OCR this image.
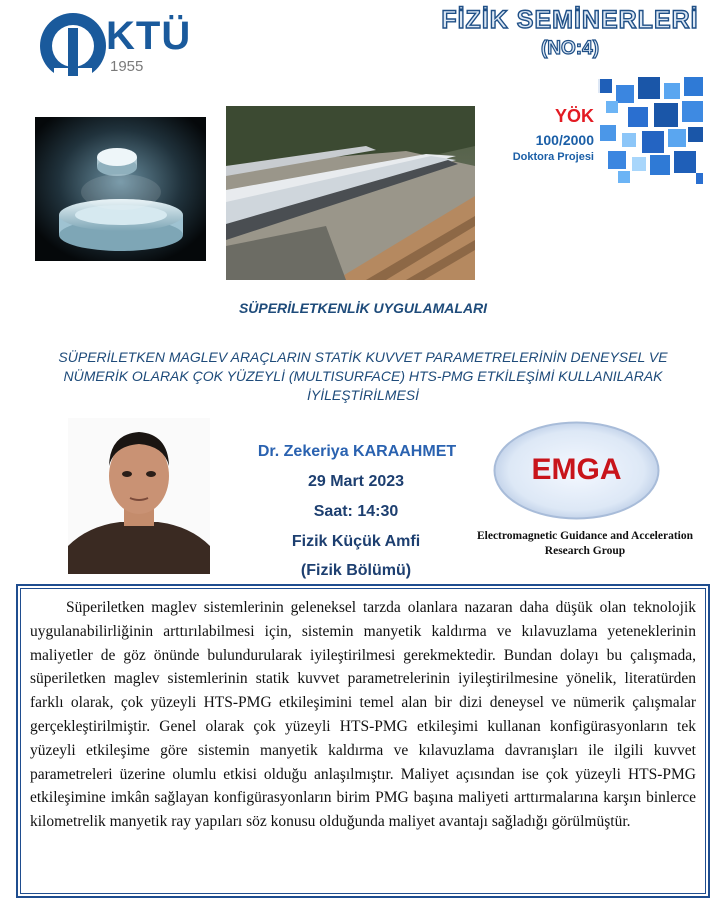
KTÜ
1955
FİZİK SEMİNERLERİ
(NO:4)
YÖK
100/2000
Doktora Projesi
SÜPERİLETKENLİK UYGULAMALARI
SÜPERİLETKEN MAGLEV ARAÇLARIN STATİK KUVVET PARAMETRELERİNİN DENEYSEL VE NÜMERİK OLARAK ÇOK YÜZEYLİ (MULTISURFACE) HTS-PMG ETKİLEŞİMİ KULLANILARAK İYİLEŞTİRİLMESİ
Dr. Zekeriya KARAAHMET
29 Mart 2023
Saat: 14:30
Fizik Küçük Amfi
(Fizik Bölümü)
EMGA
Electromagnetic Guidance and Acceleration Research Group

Süperiletken maglev sistemlerinin geleneksel tarzda olanlara nazaran daha düşük olan teknolojik uygulanabilirliğinin arttırılabilmesi için, sistemin manyetik kaldırma ve kılavuzlama yeteneklerinin maliyetler de göz önünde bulundurularak iyileştirilmesi gerekmektedir. Bundan dolayı bu çalışmada, süperiletken maglev sistemlerinin statik kuvvet parametrelerinin iyileştirilmesine yönelik, literatürden farklı olarak, çok yüzeyli HTS-PMG etkileşimini temel alan bir dizi deneysel ve nümerik çalışmalar gerçekleştirilmiştir. Genel olarak çok yüzeyli HTS-PMG etkileşimi kullanan konfigürasyonların tek yüzeyli etkileşime göre sistemin manyetik kaldırma ve kılavuzlama davranışları ile ilgili kuvvet parametreleri üzerine olumlu etkisi olduğu anlaşılmıştır. Maliyet açısından ise çok yüzeyli HTS-PMG etkileşimine imkân sağlayan konfigürasyonların birim PMG başına maliyeti arttırmalarına karşın binlerce kilometrelik manyetik ray yapıları söz konusu olduğunda maliyet avantajı sağladığı görülmüştür.
